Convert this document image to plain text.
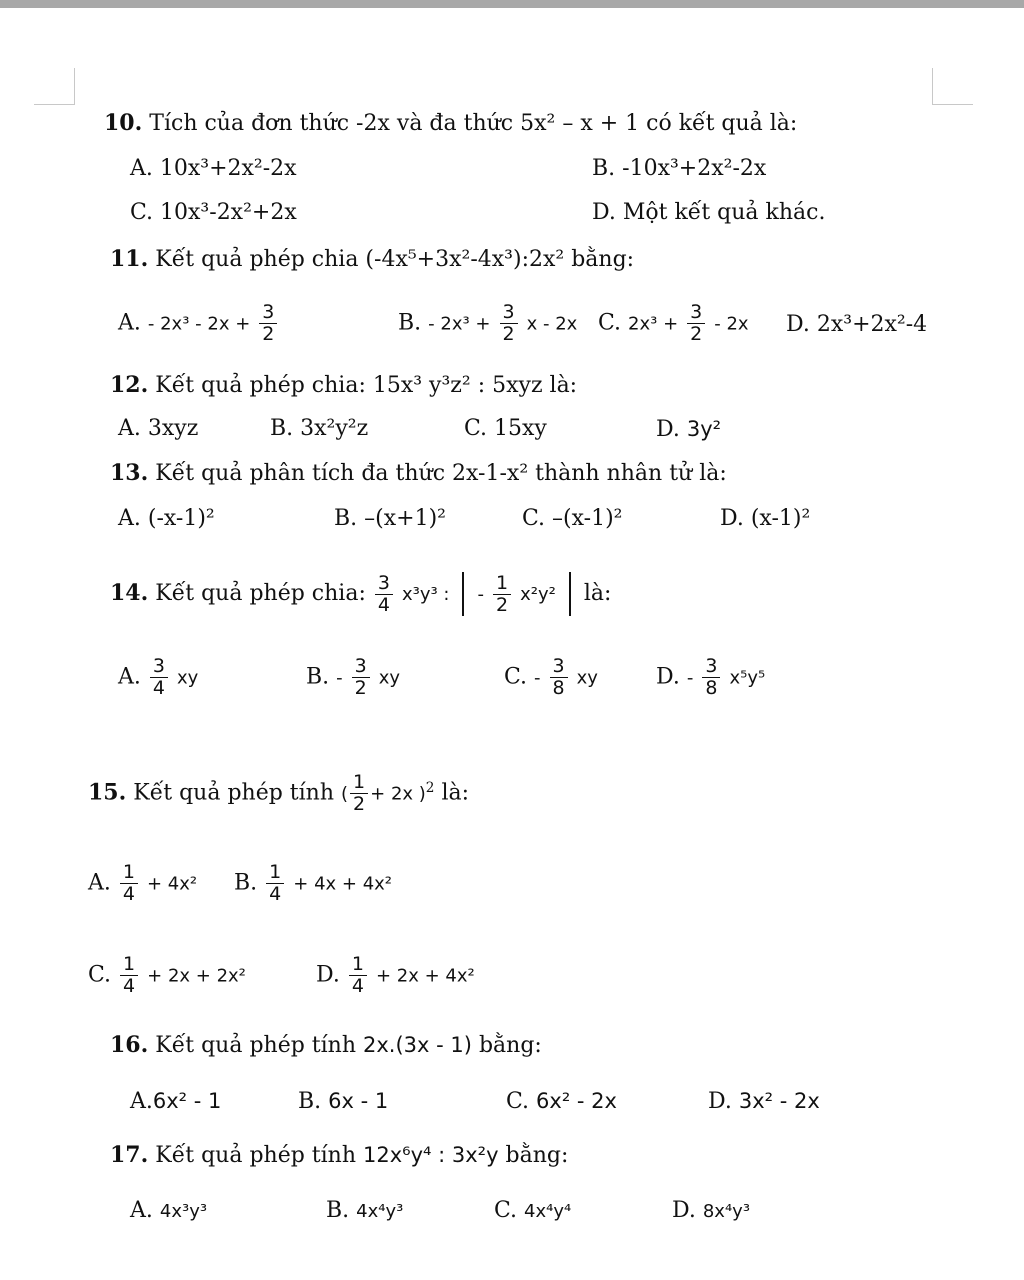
10. Tích của đơn thức -2x và đa thức 5x² – x + 1 có kết quả là:
A. 10x³+2x²-2x	B. -10x³+2x²-2x
C. 10x³-2x²+2x	D. Một kết quả khác.
11. Kết quả phép chia (-4x⁵+3x²-4x³):2x² bằng:
A. - $2x^3 - 2x + \frac{3}{2}$	B. - $2x^3 + \frac{3}{2}$ x - 2x C. $2x^3 + \frac{3}{2} - 2x$ D. 2x³+2x²-4
12. Kết quả phép chia: 15x³ y³z² : 5xyz là:
A. 3xyz	B. 3x²y²z	C. 15xy	D. 3y²
13. Kết quả phân tích đa thức 2x-1-x² thành nhân tử là:
A. (-x-1)²	B. –(x+1)²	C. –(x-1)²	D. (x-1)²
14. Kết quả phép chia: $\frac{3}{4} x^3y^3$ : - $\frac{1}{2} x^2y^2$ là:
A. $\frac{3}{4}$ xy	B. - $\frac{3}{2}$ xy	C. - $\frac{3}{8}$ xy	D. - $\frac{3}{8} x^5y^5$
15. Kết quả phép tính ( $\frac{1}{2} + 2x$ )$^2$ là:
A. $\frac{1}{4} + 4x^2$ B. $\frac{1}{4} + 4x + 4x^2$
C. $\frac{1}{4} + 2x + 2x^2$	D. $\frac{1}{4} + 2x + 4x^2$
16. Kết quả phép tính 2x.(3x - 1) bằng:
A.6x² - 1	B. 6x - 1	C. 6x² - 2x	D. 3x² - 2x
17. Kết quả phép tính 12x⁶y⁴ : 3x²y bằng:
A. 4x³y³	B. 4x⁴y³	C. 4x⁴y⁴	D. 8x⁴y³
